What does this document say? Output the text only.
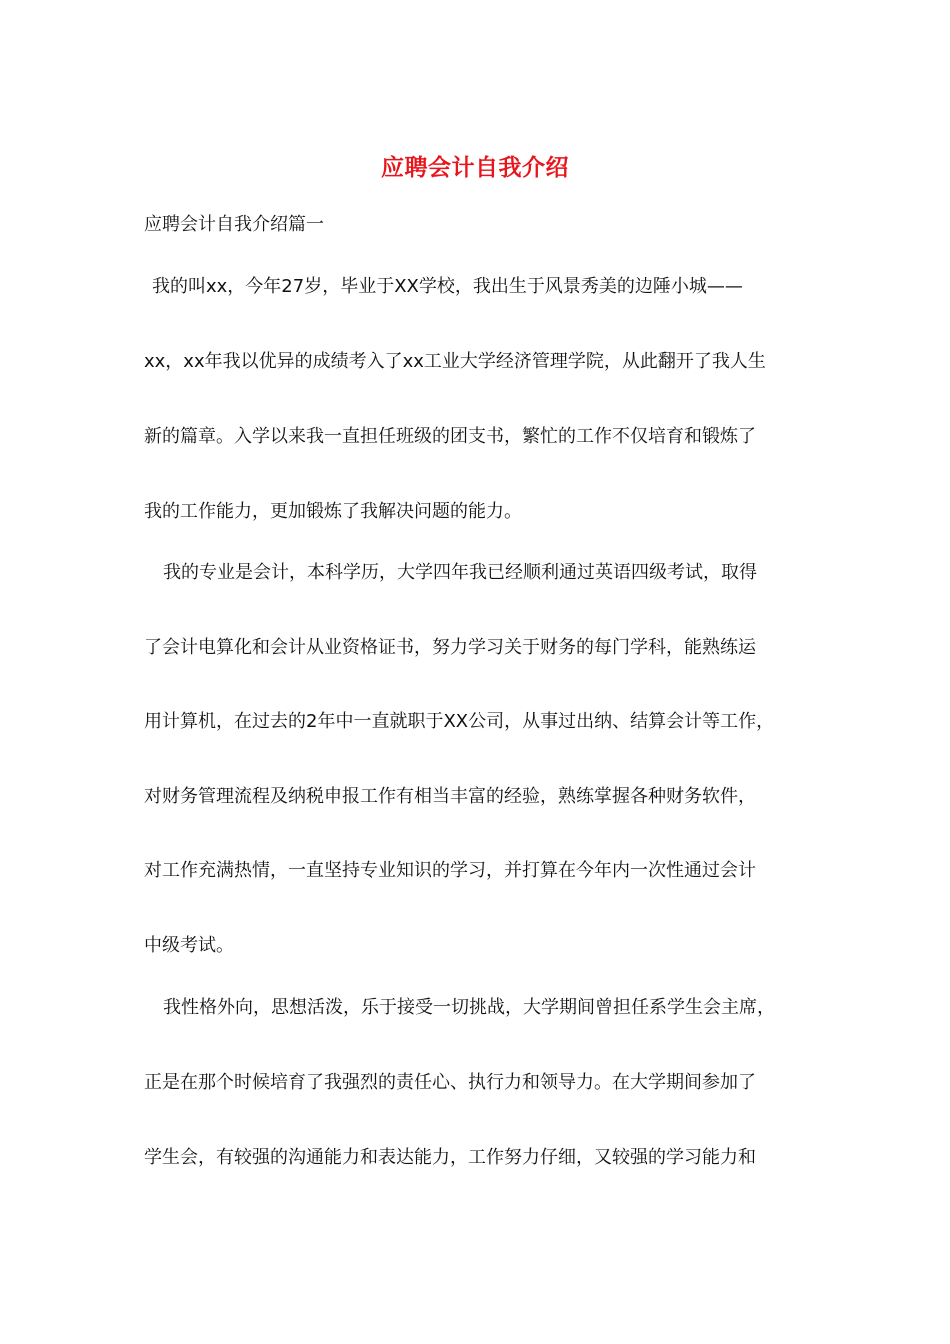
应聘会计自我介绍
应聘会计自我介绍篇一
我的叫xx，今年27岁，毕业于XX学校，我出生于风景秀美的边陲小城——
xx，xx年我以优异的成绩考入了xx工业大学经济管理学院，从此翻开了我人生
新的篇章。入学以来我一直担任班级的团支书，繁忙的工作不仅培育和锻炼了
我的工作能力，更加锻炼了我解决问题的能力。
我的专业是会计，本科学历，大学四年我已经顺利通过英语四级考试，取得
了会计电算化和会计从业资格证书，努力学习关于财务的每门学科，能熟练运
用计算机，在过去的2年中一直就职于XX公司，从事过出纳、结算会计等工作，
对财务管理流程及纳税申报工作有相当丰富的经验，熟练掌握各种财务软件，
对工作充满热情，一直坚持专业知识的学习，并打算在今年内一次性通过会计
中级考试。
我性格外向，思想活泼，乐于接受一切挑战，大学期间曾担任系学生会主席，
正是在那个时候培育了我强烈的责任心、执行力和领导力。在大学期间参加了
学生会，有较强的沟通能力和表达能力，工作努力仔细，又较强的学习能力和
